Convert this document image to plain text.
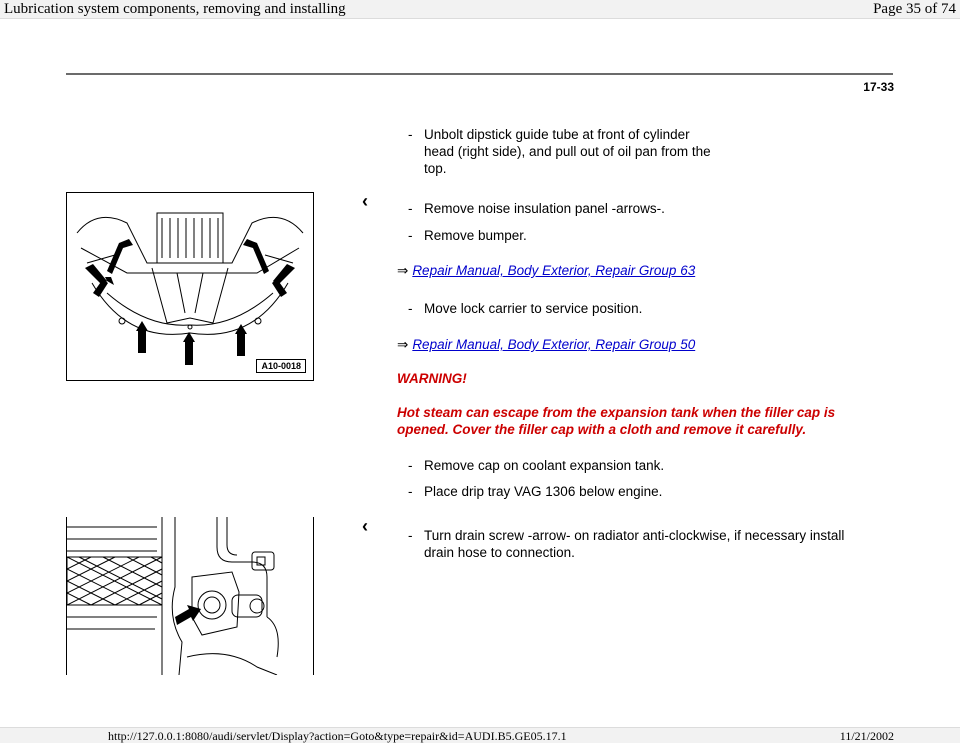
Lubrication system components, removing and installing	Page 35 of 74
17-33
- Unbolt dipstick guide tube at front of cylinder
head (right side), and pull out of oil pan from the
top.
‹
A10-0018
- Remove noise insulation panel -arrows-.
- Remove bumper.
⇒ Repair Manual, Body Exterior, Repair Group 63
- Move lock carrier to service position.
⇒ Repair Manual, Body Exterior, Repair Group 50
WARNING!
Hot steam can escape from the expansion tank when the filler cap is
opened. Cover the filler cap with a cloth and remove it carefully.
- Remove cap on coolant expansion tank.
- Place drip tray VAG 1306 below engine.
‹	- Turn drain screw -arrow- on radiator anti-clockwise, if necessary install
drain hose to connection.
http://127.0.0.1:8080/audi/servlet/Display?action=Goto&type=repair&id=AUDI.B5.GE05.17.1	11/21/2002
